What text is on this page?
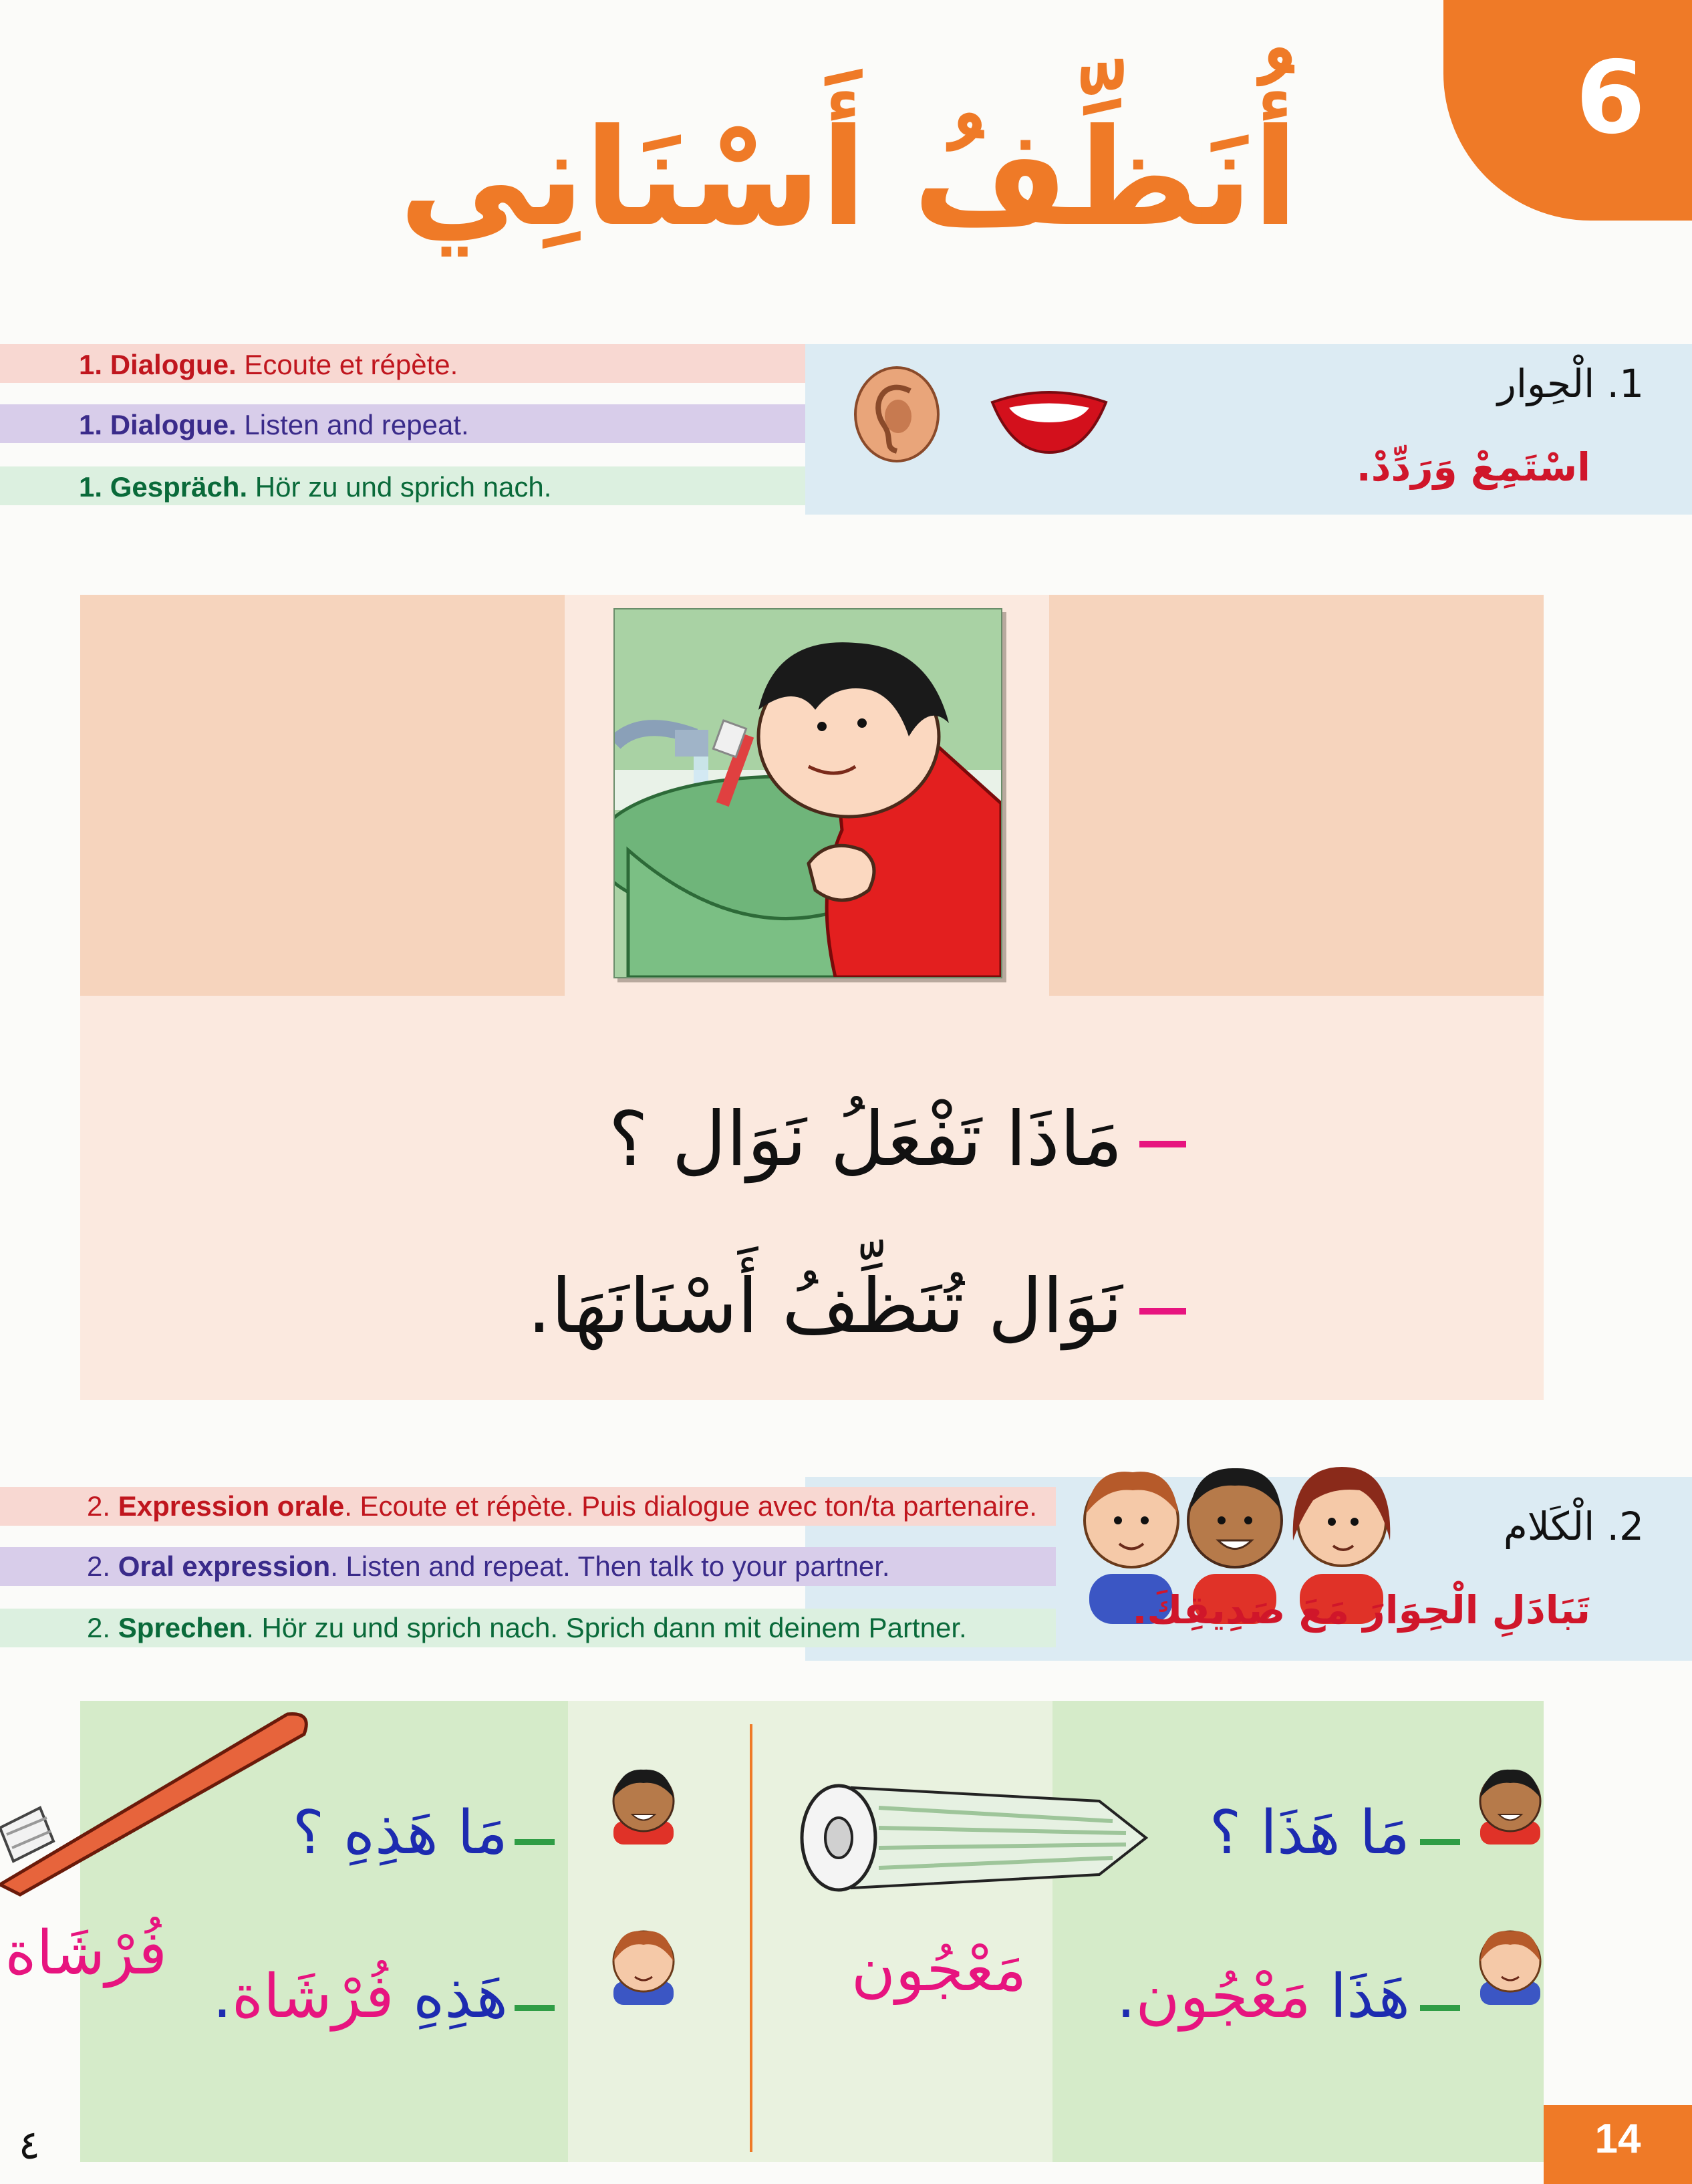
6
أُنَظِّفُ أَسْنَانِي
1. Dialogue. Ecoute et répète.
1. Dialogue. Listen and repeat.
1. Gespräch. Hör zu und sprich nach.
1. الْحِوار
اسْتَمِعْ وَرَدِّدْ.
مَاذَا تَفْعَلُ نَوَال ؟
نَوَال تُنَظِّفُ أَسْنَانَهَا.
2. Expression orale. Ecoute et répète. Puis dialogue avec ton/ta partenaire.
2. Oral expression. Listen and repeat. Then talk to your partner.
2. Sprechen. Hör zu und sprich nach. Sprich dann mit deinem Partner.
2. الْكَلام
تَبَادَلِ الْحِوَارَ مَعَ صَدِيقِكَ.
مَا هَذَا ؟
هَذَا مَعْجُون.
مَعْجُون
مَا هَذِهِ ؟
هَذِهِ فُرْشَاة.
فُرْشَاة
14
٤
